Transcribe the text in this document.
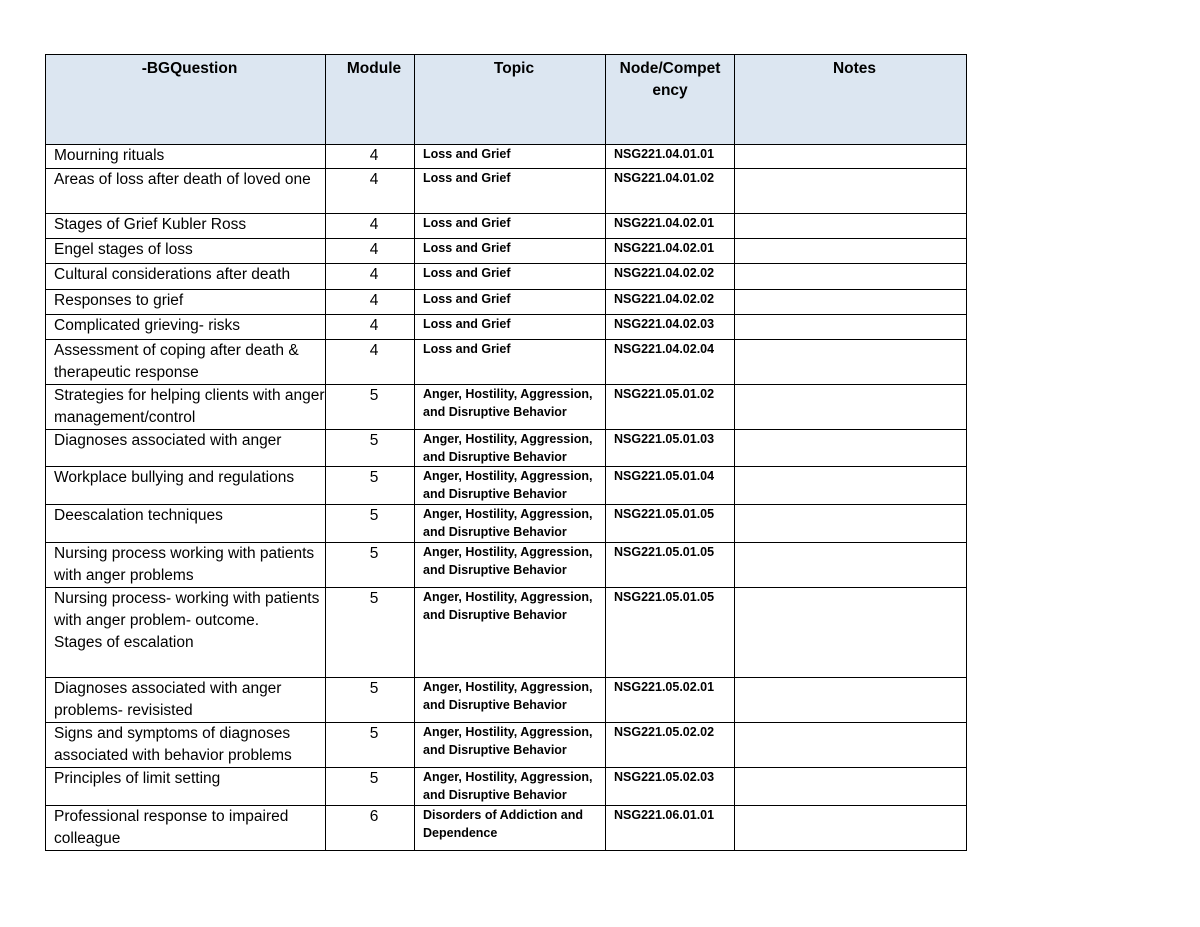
-BGQuestion	Module	Topic	Node/Compet ency	Notes
Mourning rituals	4	Loss and Grief	NSG221.04.01.01	
Areas of loss after death of loved one	4	Loss and Grief	NSG221.04.01.02	
Stages of Grief Kubler Ross	4	Loss and Grief	NSG221.04.02.01	
Engel stages of loss	4	Loss and Grief	NSG221.04.02.01	
Cultural considerations after death	4	Loss and Grief	NSG221.04.02.02	
Responses to grief	4	Loss and Grief	NSG221.04.02.02	
Complicated grieving- risks	4	Loss and Grief	NSG221.04.02.03	
Assessment of coping after death & therapeutic response	4	Loss and Grief	NSG221.04.02.04	
Strategies for helping clients with anger management/control	5	Anger, Hostility, Aggression, and Disruptive Behavior	NSG221.05.01.02	
Diagnoses associated with anger	5	Anger, Hostility, Aggression, and Disruptive Behavior	NSG221.05.01.03	
Workplace bullying and regulations	5	Anger, Hostility, Aggression, and Disruptive Behavior	NSG221.05.01.04	
Deescalation techniques	5	Anger, Hostility, Aggression, and Disruptive Behavior	NSG221.05.01.05	
Nursing process working with patients with anger problems	5	Anger, Hostility, Aggression, and Disruptive Behavior	NSG221.05.01.05	
Nursing process- working with patients with anger problem- outcome.
Stages of escalation	5	Anger, Hostility, Aggression, and Disruptive Behavior	NSG221.05.01.05	
Diagnoses associated with anger problems- revisisted	5	Anger, Hostility, Aggression, and Disruptive Behavior	NSG221.05.02.01	
Signs and symptoms of diagnoses associated with behavior problems	5	Anger, Hostility, Aggression, and Disruptive Behavior	NSG221.05.02.02	
Principles of limit setting	5	Anger, Hostility, Aggression, and Disruptive Behavior	NSG221.05.02.03	
Professional response to impaired colleague	6	Disorders of Addiction and Dependence	NSG221.06.01.01	
